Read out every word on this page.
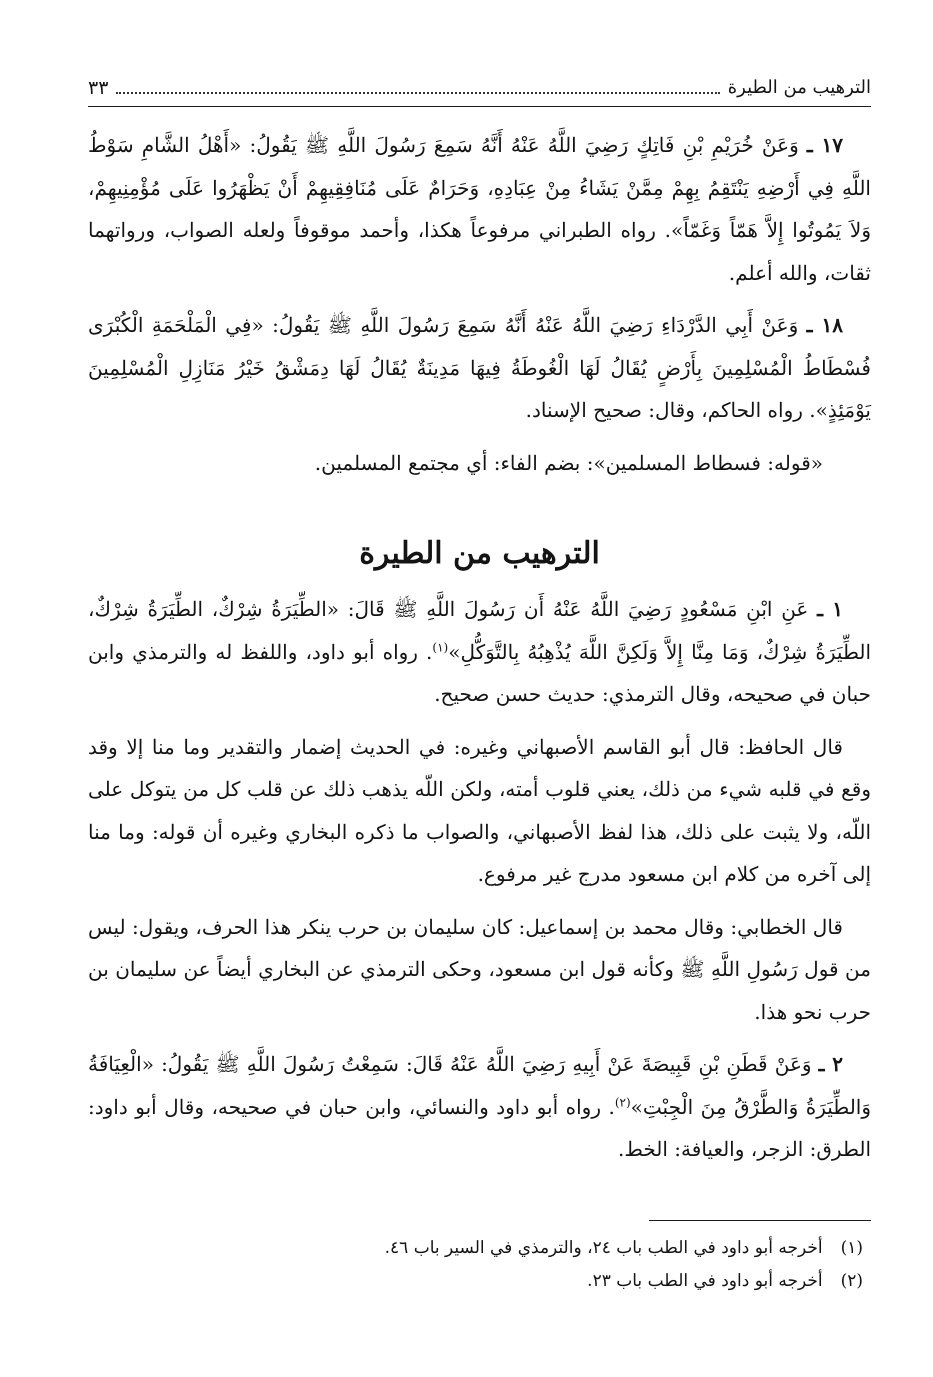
الترهيب من الطيرة
٣٣

١٧ ـ وَعَنْ خُرَيْمِ بْنِ فَاتِكٍ رَضِيَ اللَّهُ عَنْهُ أَنَّهُ سَمِعَ رَسُولَ اللَّهِ ﷺ يَقُولُ: «أَهْلُ الشَّامِ سَوْطُ اللَّهِ فِي أَرْضِهِ يَنْتَقِمُ بِهِمْ مِمَّنْ يَشَاءُ مِنْ عِبَادِهِ، وَحَرَامٌ عَلَى مُنَافِقِيهِمْ أَنْ يَظْهَرُوا عَلَى مُؤْمِنِيهِمْ، وَلاَ يَمُوتُوا إِلاَّ هَمّاً وَغَمّاً». رواه الطبراني مرفوعاً هكذا، وأحمد موقوفاً ولعله الصواب، ورواتهما ثقات، والله أعلم.

١٨ ـ وَعَنْ أَبِي الدَّرْدَاءِ رَضِيَ اللَّهُ عَنْهُ أَنَّهُ سَمِعَ رَسُولَ اللَّهِ ﷺ يَقُولُ: «فِي الْمَلْحَمَةِ الْكُبْرَى فُسْطَاطُ الْمُسْلِمِينَ بِأَرْضٍ يُقَالُ لَهَا الْغُوطَةُ فِيهَا مَدِينَةٌ يُقَالُ لَهَا دِمَشْقُ خَيْرُ مَنَازِلِ الْمُسْلِمِينَ يَوْمَئِذٍ». رواه الحاكم، وقال: صحيح الإسناد.

«قوله: فسطاط المسلمين»: بضم الفاء: أي مجتمع المسلمين.

الترهيب من الطيرة

١ ـ عَنِ ابْنِ مَسْعُودٍ رَضِيَ اللَّهُ عَنْهُ أَن رَسُولَ اللَّهِ ﷺ قَالَ: «الطِّيَرَةُ شِرْكٌ، الطِّيَرَةُ شِرْكٌ، الطِّيَرَةُ شِرْكٌ، وَمَا مِنَّا إِلاَّ وَلَكِنَّ اللَّهَ يُذْهِبُهُ بِالتَّوَكُّلِ»$^{(١)}$. رواه أبو داود، واللفظ له والترمذي وابن حبان في صحيحه، وقال الترمذي: حديث حسن صحيح.

قال الحافظ: قال أبو القاسم الأصبهاني وغيره: في الحديث إضمار والتقدير وما منا إلا وقد وقع في قلبه شيء من ذلك، يعني قلوب أمته، ولكن اللّه يذهب ذلك عن قلب كل من يتوكل على اللّه، ولا يثبت على ذلك، هذا لفظ الأصبهاني، والصواب ما ذكره البخاري وغيره أن قوله: وما منا إلى آخره من كلام ابن مسعود مدرج غير مرفوع.

قال الخطابي: وقال محمد بن إسماعيل: كان سليمان بن حرب ينكر هذا الحرف، ويقول: ليس من قول رَسُولِ اللَّهِ ﷺ وكأنه قول ابن مسعود، وحكى الترمذي عن البخاري أيضاً عن سليمان بن حرب نحو هذا.

٢ ـ وَعَنْ قَطَنِ بْنِ قَبِيصَةَ عَنْ أَبِيهِ رَضِيَ اللَّهُ عَنْهُ قَالَ: سَمِعْتُ رَسُولَ اللَّهِ ﷺ يَقُولُ: «الْعِيَافَةُ وَالطِّيَرَةُ وَالطَّرْقُ مِنَ الْجِبْتِ»$^{(٢)}$. رواه أبو داود والنسائي، وابن حبان في صحيحه، وقال أبو داود: الطرق: الزجر، والعيافة: الخط.

(١)
أخرجه أبو داود في الطب باب ٢٤، والترمذي في السير باب ٤٦.
(٢)
أخرجه أبو داود في الطب باب ٢٣.
